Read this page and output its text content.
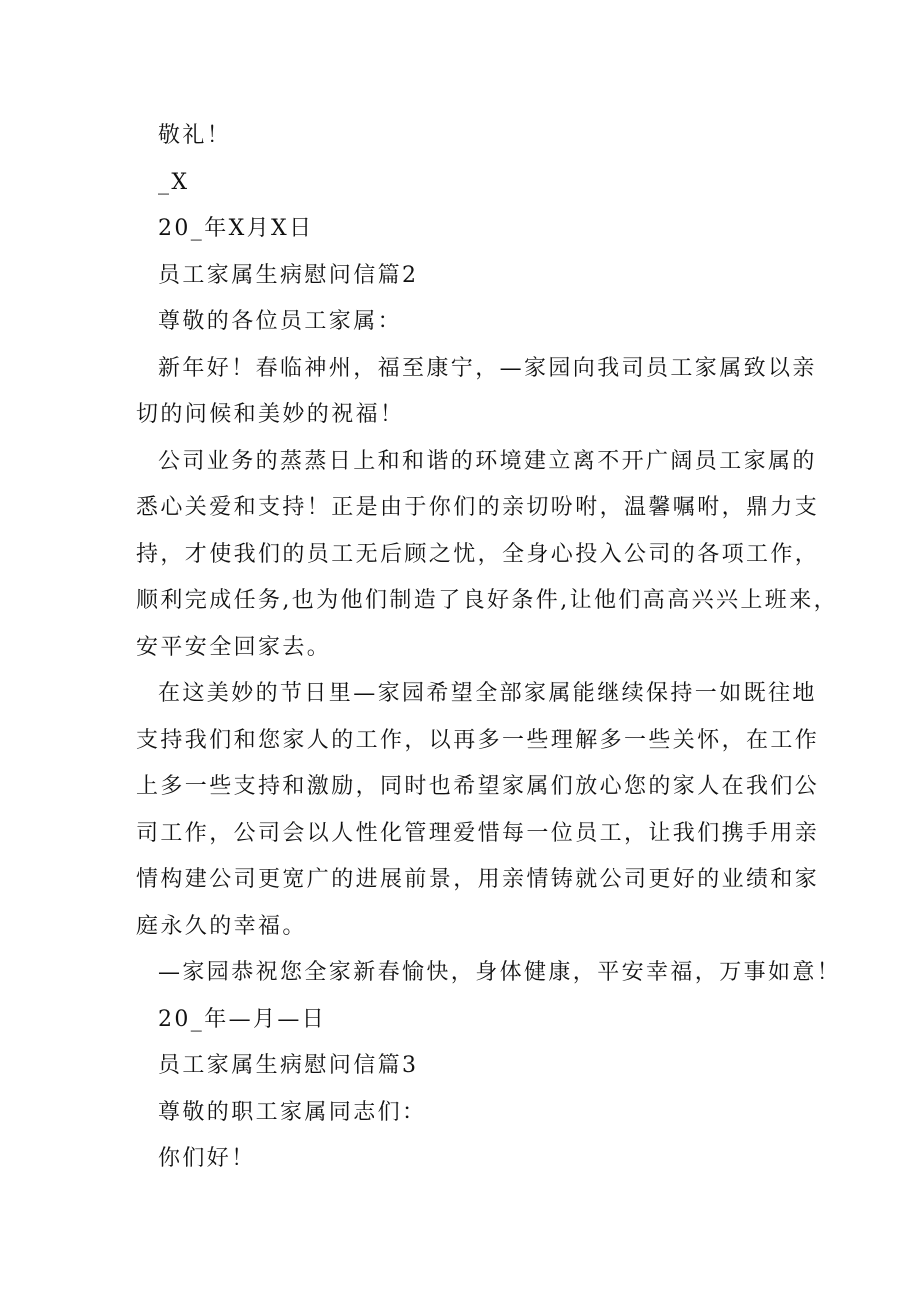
敬礼！
_X
20_年X月X日
员工家属生病慰问信篇2
尊敬的各位员工家属：
新年好！春临神州，福至康宁，—家园向我司员工家属致以亲
切的问候和美妙的祝福！
公司业务的蒸蒸日上和和谐的环境建立离不开广阔员工家属的
悉心关爱和支持！正是由于你们的亲切吩咐，温馨嘱咐，鼎力支
持，才使我们的员工无后顾之忧，全身心投入公司的各项工作，
顺利完成任务,也为他们制造了良好条件,让他们高高兴兴上班来，
安平安全回家去。
在这美妙的节日里—家园希望全部家属能继续保持一如既往地
支持我们和您家人的工作，以再多一些理解多一些关怀，在工作
上多一些支持和激励，同时也希望家属们放心您的家人在我们公
司工作，公司会以人性化管理爱惜每一位员工，让我们携手用亲
情构建公司更宽广的进展前景，用亲情铸就公司更好的业绩和家
庭永久的幸福。
—家园恭祝您全家新春愉快，身体健康，平安幸福，万事如意！
20_年—月—日
员工家属生病慰问信篇3
尊敬的职工家属同志们：
你们好！
